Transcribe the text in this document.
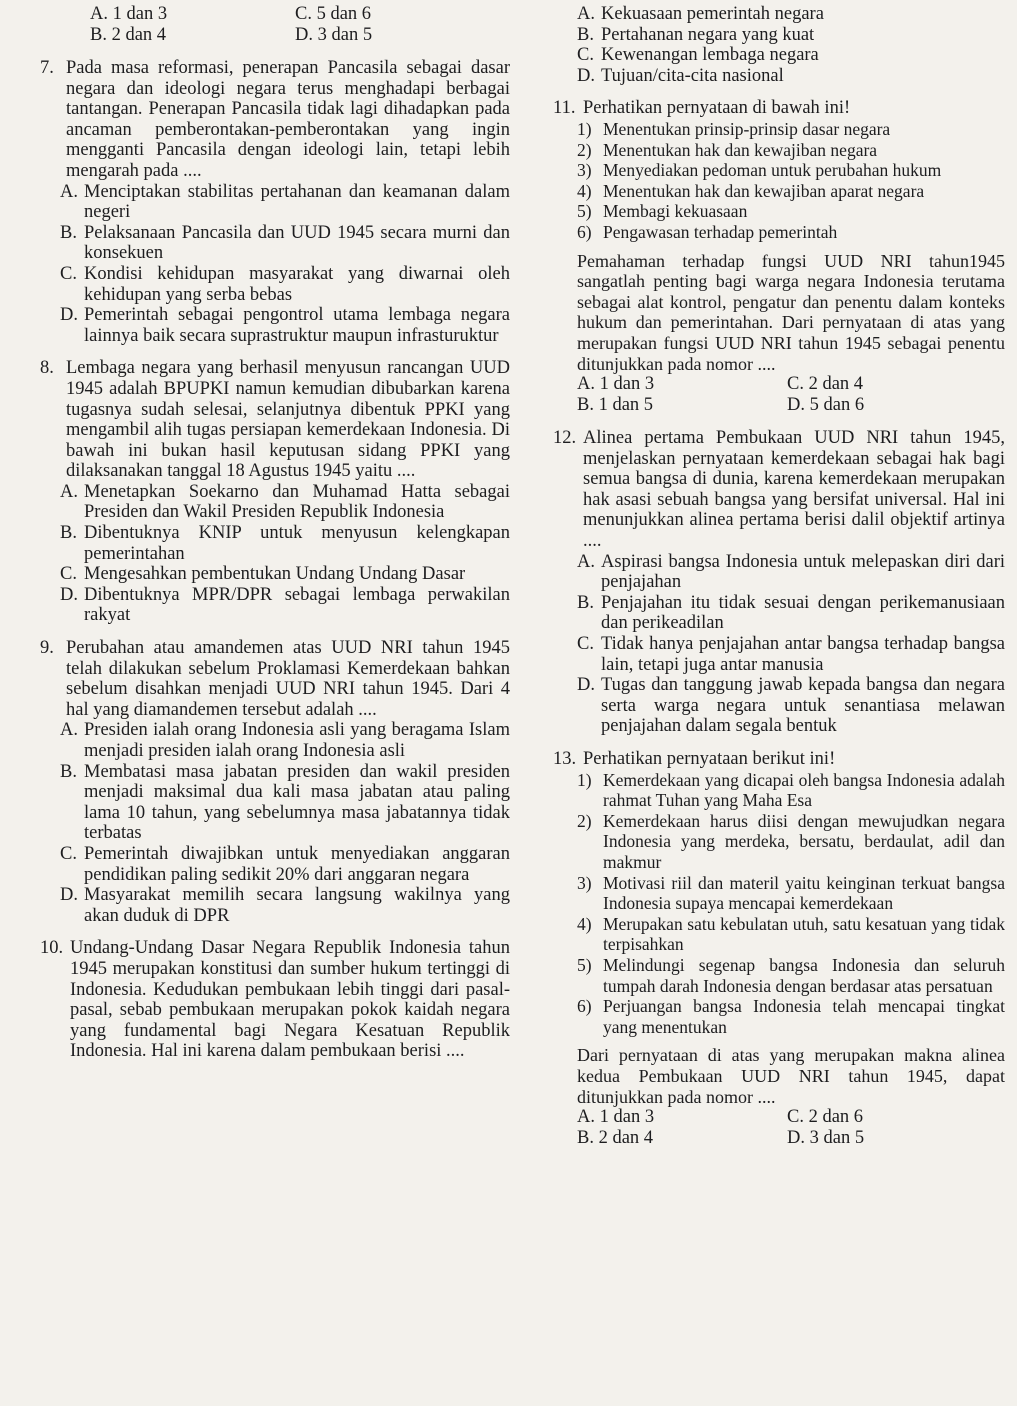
A. 1 dan 3	C. 5 dan 6
B. 2 dan 4	D. 3 dan 5
7. Pada masa reformasi, penerapan Pancasila sebagai dasar negara dan ideologi negara terus menghadapi berbagai tantangan. Penerapan Pancasila tidak lagi dihadapkan pada ancaman pemberontakan-pemberontakan yang ingin mengganti Pancasila dengan ideologi lain, tetapi lebih mengarah pada ....
A. Menciptakan stabilitas pertahanan dan keamanan dalam negeri
B. Pelaksanaan Pancasila dan UUD 1945 secara murni dan konsekuen
C. Kondisi kehidupan masyarakat yang diwarnai oleh kehidupan yang serba bebas
D. Pemerintah sebagai pengontrol utama lembaga negara lainnya baik secara suprastruktur maupun infrasturuktur
8. Lembaga negara yang berhasil menyusun rancangan UUD 1945 adalah BPUPKI namun kemudian dibubarkan karena tugasnya sudah selesai, selanjutnya dibentuk PPKI yang mengambil alih tugas persiapan kemerdekaan Indonesia. Di bawah ini bukan hasil keputusan sidang PPKI yang dilaksanakan tanggal 18 Agustus 1945 yaitu ....
A. Menetapkan Soekarno dan Muhamad Hatta sebagai Presiden dan Wakil Presiden Republik Indonesia
B. Dibentuknya KNIP untuk menyusun kelengkapan pemerintahan
C. Mengesahkan pembentukan Undang Undang Dasar
D. Dibentuknya MPR/DPR sebagai lembaga perwakilan rakyat
9. Perubahan atau amandemen atas UUD NRI tahun 1945 telah dilakukan sebelum Proklamasi Kemerdekaan bahkan sebelum disahkan menjadi UUD NRI tahun 1945. Dari 4 hal yang diamandemen tersebut adalah ....
A. Presiden ialah orang Indonesia asli yang beragama Islam menjadi presiden ialah orang Indonesia asli
B. Membatasi masa jabatan presiden dan wakil presiden menjadi maksimal dua kali masa jabatan atau paling lama 10 tahun, yang sebelumnya masa jabatannya tidak terbatas
C. Pemerintah diwajibkan untuk menyediakan anggaran pendidikan paling sedikit 20% dari anggaran negara
D. Masyarakat memilih secara langsung wakilnya yang akan duduk di DPR
10. Undang-Undang Dasar Negara Republik Indonesia tahun 1945 merupakan konstitusi dan sumber hukum tertinggi di Indonesia. Kedudukan pembukaan lebih tinggi dari pasal-pasal, sebab pembukaan merupakan pokok kaidah negara yang fundamental bagi Negara Kesatuan Republik Indonesia. Hal ini karena dalam pembukaan berisi ....
A. Kekuasaan pemerintah negara
B. Pertahanan negara yang kuat
C. Kewenangan lembaga negara
D. Tujuan/cita-cita nasional
11. Perhatikan pernyataan di bawah ini!
1) Menentukan prinsip-prinsip dasar negara
2) Menentukan hak dan kewajiban negara
3) Menyediakan pedoman untuk perubahan hukum
4) Menentukan hak dan kewajiban aparat negara
5) Membagi kekuasaan
6) Pengawasan terhadap pemerintah
Pemahaman terhadap fungsi UUD NRI tahun1945 sangatlah penting bagi warga negara Indonesia terutama sebagai alat kontrol, pengatur dan penentu dalam konteks hukum dan pemerintahan. Dari pernyataan di atas yang merupakan fungsi UUD NRI tahun 1945 sebagai penentu ditunjukkan pada nomor ....
A. 1 dan 3	C. 2 dan 4
B. 1 dan 5	D. 5 dan 6
12. Alinea pertama Pembukaan UUD NRI tahun 1945, menjelaskan pernyataan kemerdekaan sebagai hak bagi semua bangsa di dunia, karena kemerdekaan merupakan hak asasi sebuah bangsa yang bersifat universal. Hal ini menunjukkan alinea pertama berisi dalil objektif artinya ....
A. Aspirasi bangsa Indonesia untuk melepaskan diri dari penjajahan
B. Penjajahan itu tidak sesuai dengan perikemanusiaan dan perikeadilan
C. Tidak hanya penjajahan antar bangsa terhadap bangsa lain, tetapi juga antar manusia
D. Tugas dan tanggung jawab kepada bangsa dan negara serta warga negara untuk senantiasa melawan penjajahan dalam segala bentuk
13. Perhatikan pernyataan berikut ini!
1) Kemerdekaan yang dicapai oleh bangsa Indonesia adalah rahmat Tuhan yang Maha Esa
2) Kemerdekaan harus diisi dengan mewujudkan negara Indonesia yang merdeka, bersatu, berdaulat, adil dan makmur
3) Motivasi riil dan materil yaitu keinginan terkuat bangsa Indonesia supaya mencapai kemerdekaan
4) Merupakan satu kebulatan utuh, satu kesatuan yang tidak terpisahkan
5) Melindungi segenap bangsa Indonesia dan seluruh tumpah darah Indonesia dengan berdasar atas persatuan
6) Perjuangan bangsa Indonesia telah mencapai tingkat yang menentukan
Dari pernyataan di atas yang merupakan makna alinea kedua Pembukaan UUD NRI tahun 1945, dapat ditunjukkan pada nomor ....
A. 1 dan 3	C. 2 dan 6
B. 2 dan 4	D. 3 dan 5
